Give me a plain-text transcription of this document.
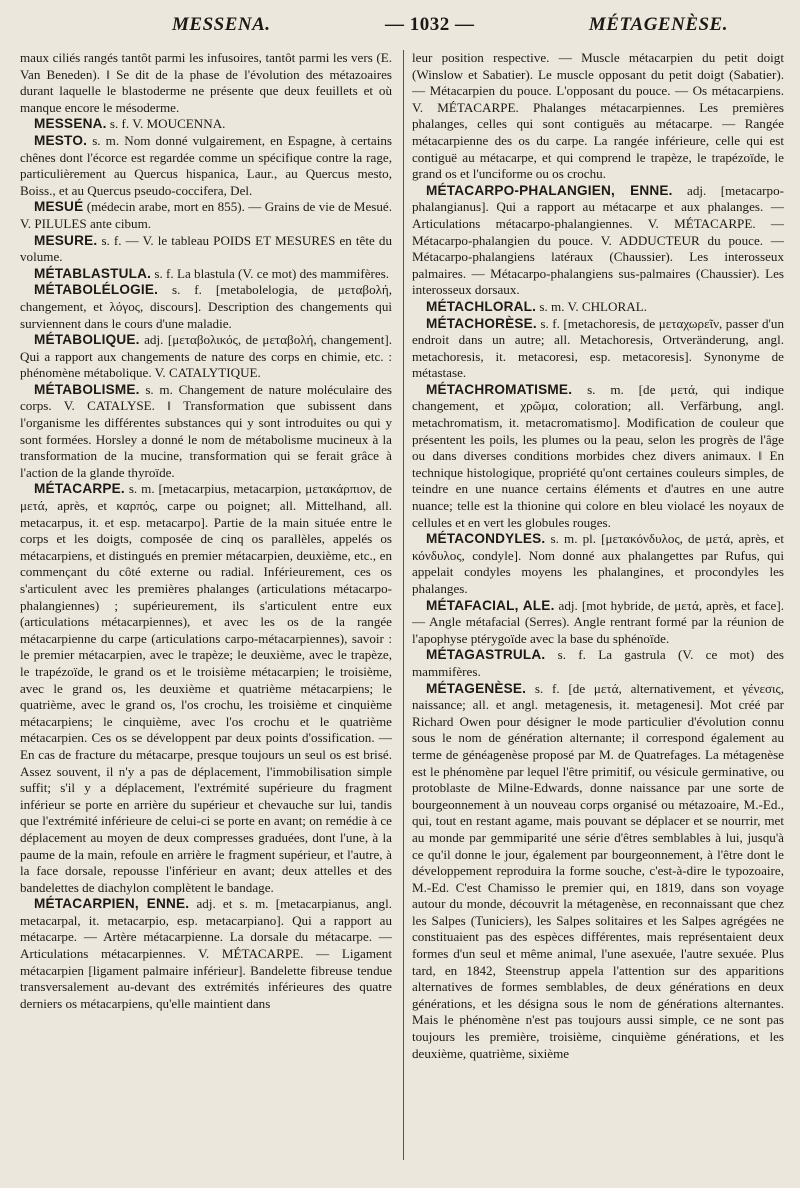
MESSENA.	— 1032 —	MÉTAGENÈSE.

maux ciliés rangés tantôt parmi les infusoires, tantôt parmi les vers (E. Van Beneden). ‖ Se dit de la phase de l'évolution des métazoaires durant laquelle le blastoderme ne présente que deux feuillets et où manque encore le mésoderme.

MESSENA. s. f. V. MOUCENNA.

MESTO. s. m. Nom donné vulgairement, en Espagne, à certains chênes dont l'écorce est regardée comme un spécifique contre la rage, particulièrement au Quercus hispanica, Laur., au Quercus mesto, Boiss., et au Quercus pseudo-coccifera, Del.

MESUÉ (médecin arabe, mort en 855). — Grains de vie de Mesué. V. PILULES ante cibum.

MESURE. s. f. — V. le tableau POIDS ET MESURES en tête du volume.

MÉTABLASTULA. s. f. La blastula (V. ce mot) des mammifères.

MÉTABOLÉLOGIE. s. f. [metabolelogia, de μεταβολή, changement, et λόγος, discours]. Description des changements qui surviennent dans le cours d'une maladie.

MÉTABOLIQUE. adj. [μεταβολικός, de μεταβολή, changement]. Qui a rapport aux changements de nature des corps en chimie, etc. : phénomène métabolique. V. CATALYTIQUE.

MÉTABOLISME. s. m. Changement de nature moléculaire des corps. V. CATALYSE. ‖ Transformation que subissent dans l'organisme les différentes substances qui y sont introduites ou qui y sont formées. Horsley a donné le nom de métabolisme mucineux à la transformation de la mucine, transformation qui se ferait grâce à l'action de la glande thyroïde.

MÉTACARPE. s. m. [metacarpius, metacarpion, μετακάρπιον, de μετά, après, et καρπός, carpe ou poignet; all. Mittelhand, all. metacarpus, it. et esp. metacarpo]. Partie de la main située entre le corps et les doigts, composée de cinq os parallèles, appelés os métacarpiens, et distingués en premier métacarpien, deuxième, etc., en commençant du côté externe ou radial. Inférieurement, ces os s'articulent avec les premières phalanges (articulations métacarpo-phalangiennes) ; supérieurement, ils s'articulent entre eux (articulations métacarpiennes), et avec les os de la rangée métacarpienne du carpe (articulations carpo-métacarpiennes), savoir : le premier métacarpien, avec le trapèze; le deuxième, avec le trapèze, le trapézoïde, le grand os et le troisième métacarpien; le troisième, avec le grand os, les deuxième et quatrième métacarpiens; le quatrième, avec le grand os, l'os crochu, les troisième et cinquième métacarpiens; le cinquième, avec l'os crochu et le quatrième métacarpien. Ces os se développent par deux points d'ossification. — En cas de fracture du métacarpe, presque toujours un seul os est brisé. Assez souvent, il n'y a pas de déplacement, l'immobilisation simple suffit; s'il y a déplacement, l'extrémité supérieure du fragment inférieur se porte en arrière du supérieur et chevauche sur lui, tandis que l'extrémité inférieure de celui-ci se porte en avant; on remédie à ce déplacement au moyen de deux compresses graduées, dont l'une, à la paume de la main, refoule en arrière le fragment supérieur, et l'autre, à la face dorsale, repousse l'inférieur en avant; deux attelles et des bandelettes de diachylon complètent le bandage.

MÉTACARPIEN, ENNE. adj. et s. m. [metacarpianus, angl. metacarpal, it. metacarpio, esp. metacarpiano]. Qui a rapport au métacarpe. — Artère métacarpienne. La dorsale du métacarpe. — Articulations métacarpiennes. V. MÉTACARPE. — Ligament métacarpien [ligament palmaire inférieur]. Bandelette fibreuse tendue transversalement au-devant des extrémités inférieures des quatre derniers os métacarpiens, qu'elle maintient dans

leur position respective. — Muscle métacarpien du petit doigt (Winslow et Sabatier). Le muscle opposant du petit doigt (Sabatier). — Métacarpien du pouce. L'opposant du pouce. — Os métacarpiens. V. MÉTACARPE. Phalanges métacarpiennes. Les premières phalanges, celles qui sont contiguës au métacarpe. — Rangée métacarpienne des os du carpe. La rangée inférieure, celle qui est contiguë au métacarpe, et qui comprend le trapèze, le trapézoïde, le grand os et l'unciforme ou os crochu.

MÉTACARPO-PHALANGIEN, ENNE. adj. [metacarpo-phalangianus]. Qui a rapport au métacarpe et aux phalanges. — Articulations métacarpo-phalangiennes. V. MÉTACARPE. — Métacarpo-phalangien du pouce. V. ADDUCTEUR du pouce. — Métacarpo-phalangiens latéraux (Chaussier). Les interosseux palmaires. — Métacarpo-phalangiens sus-palmaires (Chaussier). Les interosseux dorsaux.

MÉTACHLORAL. s. m. V. CHLORAL.

MÉTACHORÈSE. s. f. [metachoresis, de μεταχωρεῖν, passer d'un endroit dans un autre; all. Metachoresis, Ortveränderung, angl. metachoresis, it. metacoresi, esp. metacoresis]. Synonyme de métastase.

MÉTACHROMATISME. s. m. [de μετά, qui indique changement, et χρῶμα, coloration; all. Verfärbung, angl. metachromatism, it. metacromatismo]. Modification de couleur que présentent les poils, les plumes ou la peau, selon les progrès de l'âge ou dans diverses conditions morbides chez divers animaux. ‖ En technique histologique, propriété qu'ont certaines couleurs simples, de teindre en une nuance certains éléments et d'autres en une autre nuance; telle est la thionine qui colore en bleu violacé les noyaux de cellules et en vert les globules rouges.

MÉTACONDYLES. s. m. pl. [μετακόνδυλος, de μετά, après, et κόνδυλος, condyle]. Nom donné aux phalangettes par Rufus, qui appelait condyles moyens les phalangines, et procondyles les phalanges.

MÉTAFACIAL, ALE. adj. [mot hybride, de μετά, après, et face]. — Angle métafacial (Serres). Angle rentrant formé par la réunion de l'apophyse ptérygoïde avec la base du sphénoïde.

MÉTAGASTRULA. s. f. La gastrula (V. ce mot) des mammifères.

MÉTAGENÈSE. s. f. [de μετά, alternativement, et γένεσις, naissance; all. et angl. metagenesis, it. metagenesi]. Mot créé par Richard Owen pour désigner le mode particulier d'évolution connu sous le nom de génération alternante; il correspond également au terme de généagenèse proposé par M. de Quatrefages. La métagenèse est le phénomène par lequel l'être primitif, ou vésicule germinative, ou protoblaste de Milne-Edwards, donne naissance par une sorte de bourgeonnement à un nouveau corps organisé ou métazoaire, M.-Ed., qui, tout en restant agame, mais pouvant se déplacer et se nourrir, met au monde par gemmiparité une série d'êtres semblables à lui, jusqu'à ce qu'il donne le jour, également par bourgeonnement, à l'être dont le développement reproduira la forme souche, c'est-à-dire le typozoaire, M.-Ed. C'est Chamisso le premier qui, en 1819, dans son voyage autour du monde, découvrit la métagenèse, en reconnaissant que chez les Salpes (Tuniciers), les Salpes solitaires et les Salpes agrégées ne constituaient pas des espèces différentes, mais représentaient deux formes d'un seul et même animal, l'une asexuée, l'autre sexuée. Plus tard, en 1842, Steenstrup appela l'attention sur des apparitions alternatives de formes semblables, de deux générations en deux générations, et les désigna sous le nom de générations alternantes. Mais le phénomène n'est pas toujours aussi simple, ce ne sont pas toujours les première, troisième, cinquième générations, et les deuxième, quatrième, sixième
